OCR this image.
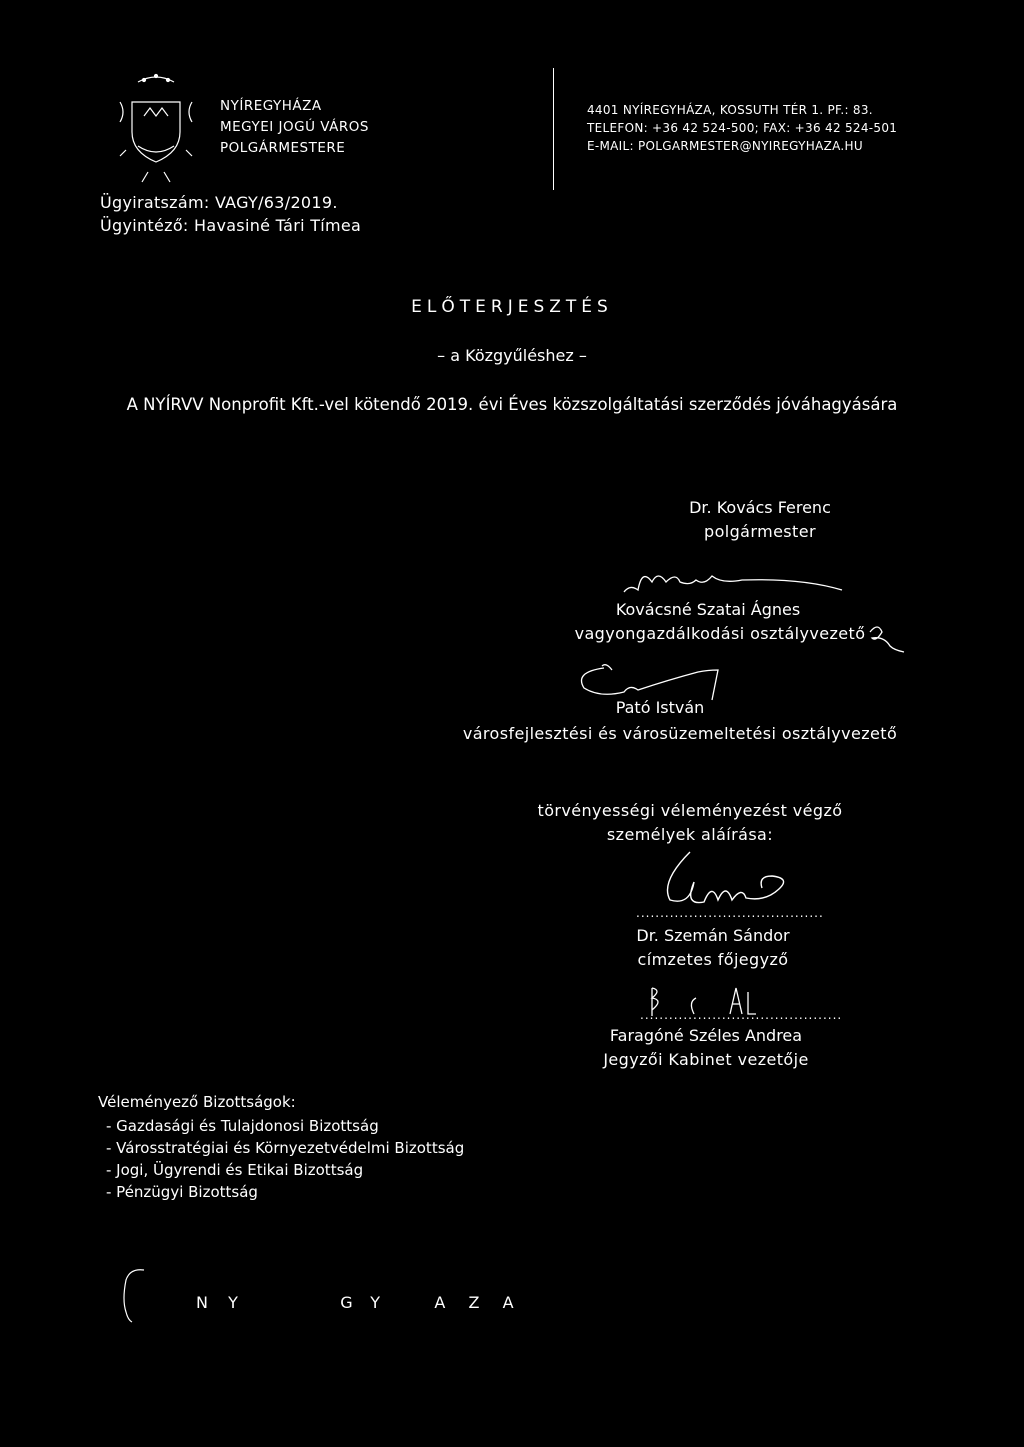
NYÍREGYHÁZA
MEGYEI JOGÚ VÁROS
POLGÁRMESTERE
4401 NYÍREGYHÁZA, KOSSUTH TÉR 1. PF.: 83.
TELEFON: +36 42 524-500; FAX: +36 42 524-501
E-MAIL: POLGARMESTER@NYIREGYHAZA.HU
Ügyiratszám: VAGY/63/2019.
Ügyintéző: Havasiné Tári Tímea
ELŐTERJESZTÉS
– a Közgyűléshez –
A NYÍRVV Nonprofit Kft.-vel kötendő 2019. évi Éves közszolgáltatási szerződés jóváhagyására
Dr. Kovács Ferenc
polgármester
Kovácsné Szatai Ágnes
vagyongazdálkodási osztályvezető
Pató István
városfejlesztési és városüzemeltetési osztályvezető
törvényességi véleményezést végző
személyek aláírása:
.......................................
Dr. Szemán Sándor
címzetes főjegyző
..........................................
Faragóné Széles Andrea
Jegyzői Kabinet vezetője
Véleményező Bizottságok:
- Gazdasági és Tulajdonosi Bizottság
- Városstratégiai és Környezetvédelmi Bizottság
- Jogi, Ügyrendi és Etikai Bizottság
- Pénzügyi Bizottság
N Y	G Y	A Z A
